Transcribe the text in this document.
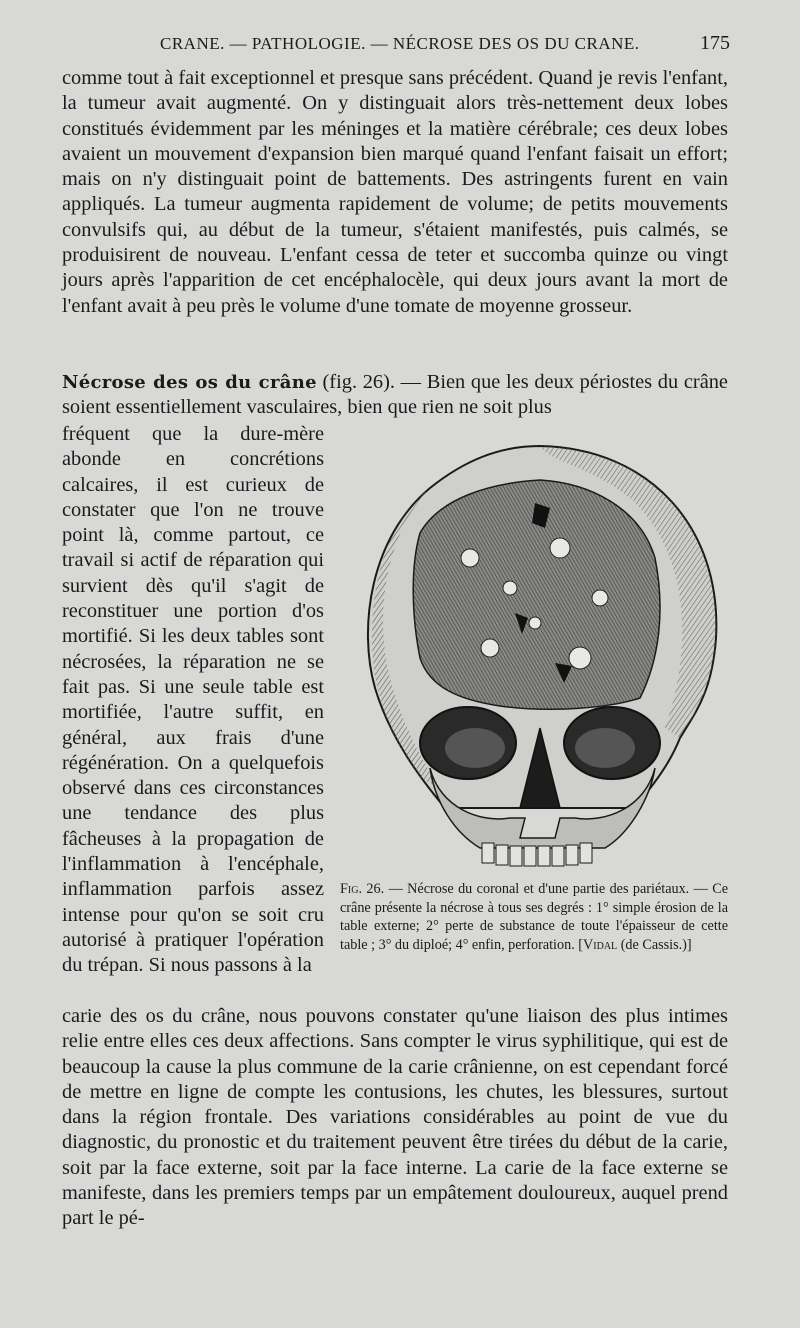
CRANE. — PATHOLOGIE. — NÉCROSE DES OS DU CRANE.	175

comme tout à fait exceptionnel et presque sans précédent. Quand je revis l'enfant, la tumeur avait augmenté. On y distinguait alors très-nettement deux lobes constitués évidemment par les méninges et la matière cérébrale; ces deux lobes avaient un mouvement d'expansion bien marqué quand l'enfant faisait un effort; mais on n'y distinguait point de battements. Des astringents furent en vain appliqués. La tumeur augmenta rapidement de volume; de petits mouvements convulsifs qui, au début de la tumeur, s'étaient manifestés, puis calmés, se produisirent de nouveau. L'enfant cessa de teter et succomba quinze ou vingt jours après l'apparition de cet encéphalocèle, qui deux jours avant la mort de l'enfant avait à peu près le volume d'une tomate de moyenne grosseur.

Nécrose des os du crâne (fig. 26). — Bien que les deux périostes du crâne soient essentiellement vasculaires, bien que rien ne soit plus

fréquent que la dure-mère abonde en concrétions calcaires, il est curieux de constater que l'on ne trouve point là, comme partout, ce travail si actif de réparation qui survient dès qu'il s'agit de reconstituer une portion d'os mortifié. Si les deux tables sont nécrosées, la réparation ne se fait pas. Si une seule table est mortifiée, l'autre suffit, en général, aux frais d'une régénération. On a quelquefois observé dans ces circonstances une tendance des plus fâcheuses à la propagation de l'inflammation à l'encéphale, inflammation parfois assez intense pour qu'on se soit cru autorisé à pratiquer l'opération du trépan. Si nous passons à la

Fig. 26. — Nécrose du coronal et d'une partie des pariétaux. — Ce crâne présente la nécrose à tous ses degrés : 1° simple érosion de la table externe; 2° perte de substance de toute l'épaisseur de cette table ; 3° du diploé; 4° enfin, perforation. [Vidal (de Cassis.)]

carie des os du crâne, nous pouvons constater qu'une liaison des plus intimes relie entre elles ces deux affections. Sans compter le virus syphilitique, qui est de beaucoup la cause la plus commune de la carie crânienne, on est cependant forcé de mettre en ligne de compte les contusions, les chutes, les blessures, surtout dans la région frontale. Des variations considérables au point de vue du diagnostic, du pronostic et du traitement peuvent être tirées du début de la carie, soit par la face externe, soit par la face interne. La carie de la face externe se manifeste, dans les premiers temps par un empâtement douloureux, auquel prend part le pé-
